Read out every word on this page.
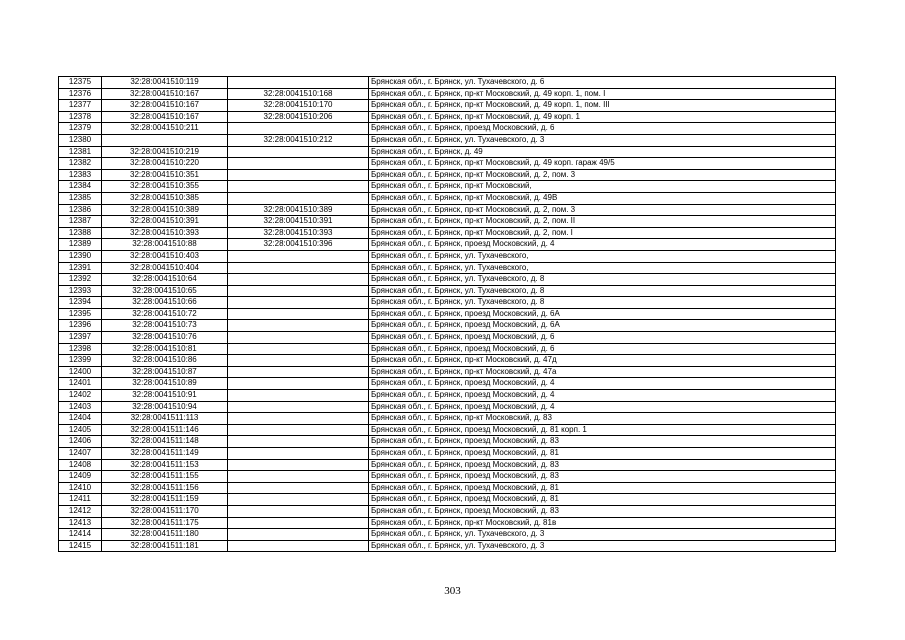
12375	32:28:0041510:119		Брянская обл., г. Брянск, ул. Тухачевского, д. 6
12376	32:28:0041510:167	32:28:0041510:168	Брянская обл., г. Брянск, пр-кт Московский, д. 49 корп. 1, пом. I
12377	32:28:0041510:167	32:28:0041510:170	Брянская обл., г. Брянск, пр-кт Московский, д. 49 корп. 1, пом. III
12378	32:28:0041510:167	32:28:0041510:206	Брянская обл., г. Брянск, пр-кт Московский, д. 49 корп. 1
12379	32:28:0041510:211		Брянская обл., г. Брянск, проезд Московский, д. 6
12380		32:28:0041510:212	Брянская обл., г. Брянск, ул. Тухачевского, д. 3
12381	32:28:0041510:219		Брянская обл., г. Брянск, д. 49
12382	32:28:0041510:220		Брянская обл., г. Брянск, пр-кт Московский, д. 49 корп. гараж 49/5
12383	32:28:0041510:351		Брянская обл., г. Брянск, пр-кт Московский, д. 2, пом. 3
12384	32:28:0041510:355		Брянская обл., г. Брянск, пр-кт Московский,
12385	32:28:0041510:385		Брянская обл., г. Брянск, пр-кт Московский, д. 49В
12386	32:28:0041510:389	32:28:0041510:389	Брянская обл., г. Брянск, пр-кт Московский, д. 2, пом. 3
12387	32:28:0041510:391	32:28:0041510:391	Брянская обл., г. Брянск, пр-кт Московский, д. 2, пом. II
12388	32:28:0041510:393	32:28:0041510:393	Брянская обл., г. Брянск, пр-кт Московский, д. 2, пом. I
12389	32:28:0041510:88	32:28:0041510:396	Брянская обл., г. Брянск, проезд Московский, д. 4
12390	32:28:0041510:403		Брянская обл., г. Брянск, ул. Тухачевского,
12391	32:28:0041510:404		Брянская обл., г. Брянск, ул. Тухачевского,
12392	32:28:0041510:64		Брянская обл., г. Брянск, ул. Тухачевского, д. 8
12393	32:28:0041510:65		Брянская обл., г. Брянск, ул. Тухачевского, д. 8
12394	32:28:0041510:66		Брянская обл., г. Брянск, ул. Тухачевского, д. 8
12395	32:28:0041510:72		Брянская обл., г. Брянск, проезд Московский, д. 6А
12396	32:28:0041510:73		Брянская обл., г. Брянск, проезд Московский, д. 6А
12397	32:28:0041510:76		Брянская обл., г. Брянск, проезд Московский, д. 6
12398	32:28:0041510:81		Брянская обл., г. Брянск, проезд Московский, д. 6
12399	32:28:0041510:86		Брянская обл., г. Брянск, пр-кт Московский, д. 47д
12400	32:28:0041510:87		Брянская обл., г. Брянск, пр-кт Московский, д. 47а
12401	32:28:0041510:89		Брянская обл., г. Брянск, проезд Московский, д. 4
12402	32:28:0041510:91		Брянская обл., г. Брянск, проезд Московский, д. 4
12403	32:28:0041510:94		Брянская обл., г. Брянск, проезд Московский, д. 4
12404	32:28:0041511:113		Брянская обл., г. Брянск, пр-кт Московский, д. 83
12405	32:28:0041511:146		Брянская обл., г. Брянск, проезд Московский, д. 81 корп. 1
12406	32:28:0041511:148		Брянская обл., г. Брянск, проезд Московский, д. 83
12407	32:28:0041511:149		Брянская обл., г. Брянск, проезд Московский, д. 81
12408	32:28:0041511:153		Брянская обл., г. Брянск, проезд Московский, д. 83
12409	32:28:0041511:155		Брянская обл., г. Брянск, проезд Московский, д. 83
12410	32:28:0041511:156		Брянская обл., г. Брянск, проезд Московский, д. 81
12411	32:28:0041511:159		Брянская обл., г. Брянск, проезд Московский, д. 81
12412	32:28:0041511:170		Брянская обл., г. Брянск, проезд Московский, д. 83
12413	32:28:0041511:175		Брянская обл., г. Брянск, пр-кт Московский, д. 81в
12414	32:28:0041511:180		Брянская обл., г. Брянск, ул. Тухачевского, д. 3
12415	32:28:0041511:181		Брянская обл., г. Брянск, ул. Тухачевского, д. 3
303
